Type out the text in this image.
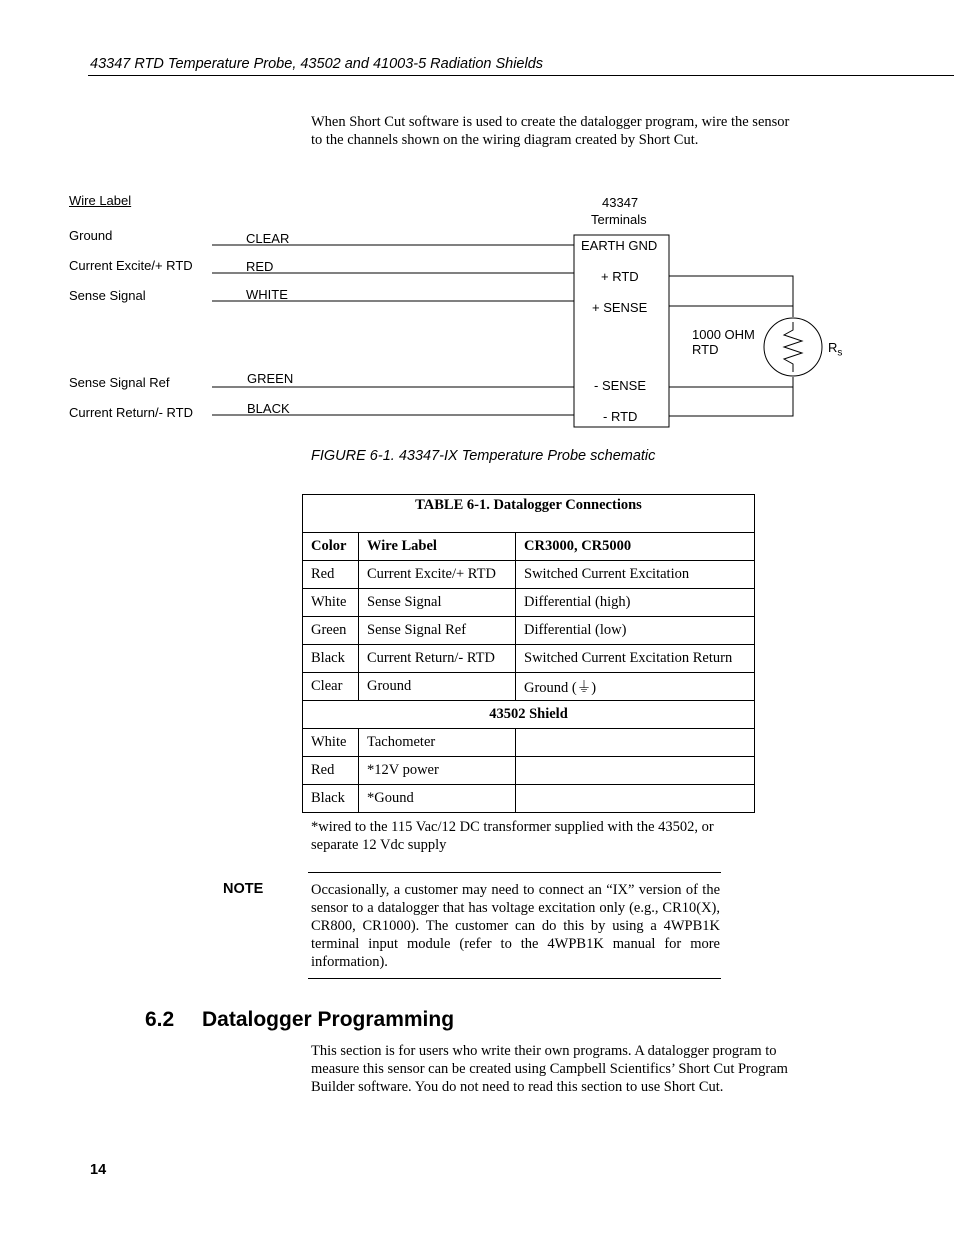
43347 RTD Temperature Probe, 43502 and 41003-5 Radiation Shields
When Short Cut software is used to create the datalogger program, wire the sensor to the channels shown on the wiring diagram created by Short Cut.
Wire Label	43347
Terminals
Ground
Current Excite/+ RTD
Sense Signal
Sense Signal Ref
Current Return/- RTD
CLEAR
RED
WHITE
GREEN
BLACK
EARTH GND
+ RTD
+ SENSE
- SENSE
- RTD
1000 OHM
RTD	$R_s$
FIGURE 6-1. 43347-IX Temperature Probe schematic
TABLE 6-1. Datalogger Connections		
Color	Wire Label	CR3000, CR5000
Red	Current Excite/+ RTD	Switched Current Excitation
White	Sense Signal	Differential (high)
Green	Sense Signal Ref	Differential (low)
Black	Current Return/- RTD	Switched Current Excitation Return
Clear	Ground	Ground (⏚)
43502 Shield		
White	Tachometer	
Red	*12V power	
Black	*Gound	
*wired to the 115 Vac/12 DC transformer supplied with the 43502, or separate 12 Vdc supply
NOTE	Occasionally, a customer may need to connect an “IX” version of the sensor to a datalogger that has voltage excitation only (e.g., CR10(X), CR800, CR1000). The customer can do this by using a 4WPB1K terminal input module (refer to the 4WPB1K manual for more information).
6.2 Datalogger Programming
This section is for users who write their own programs. A datalogger program to measure this sensor can be created using Campbell Scientifics’ Short Cut Program Builder software. You do not need to read this section to use Short Cut.
14
